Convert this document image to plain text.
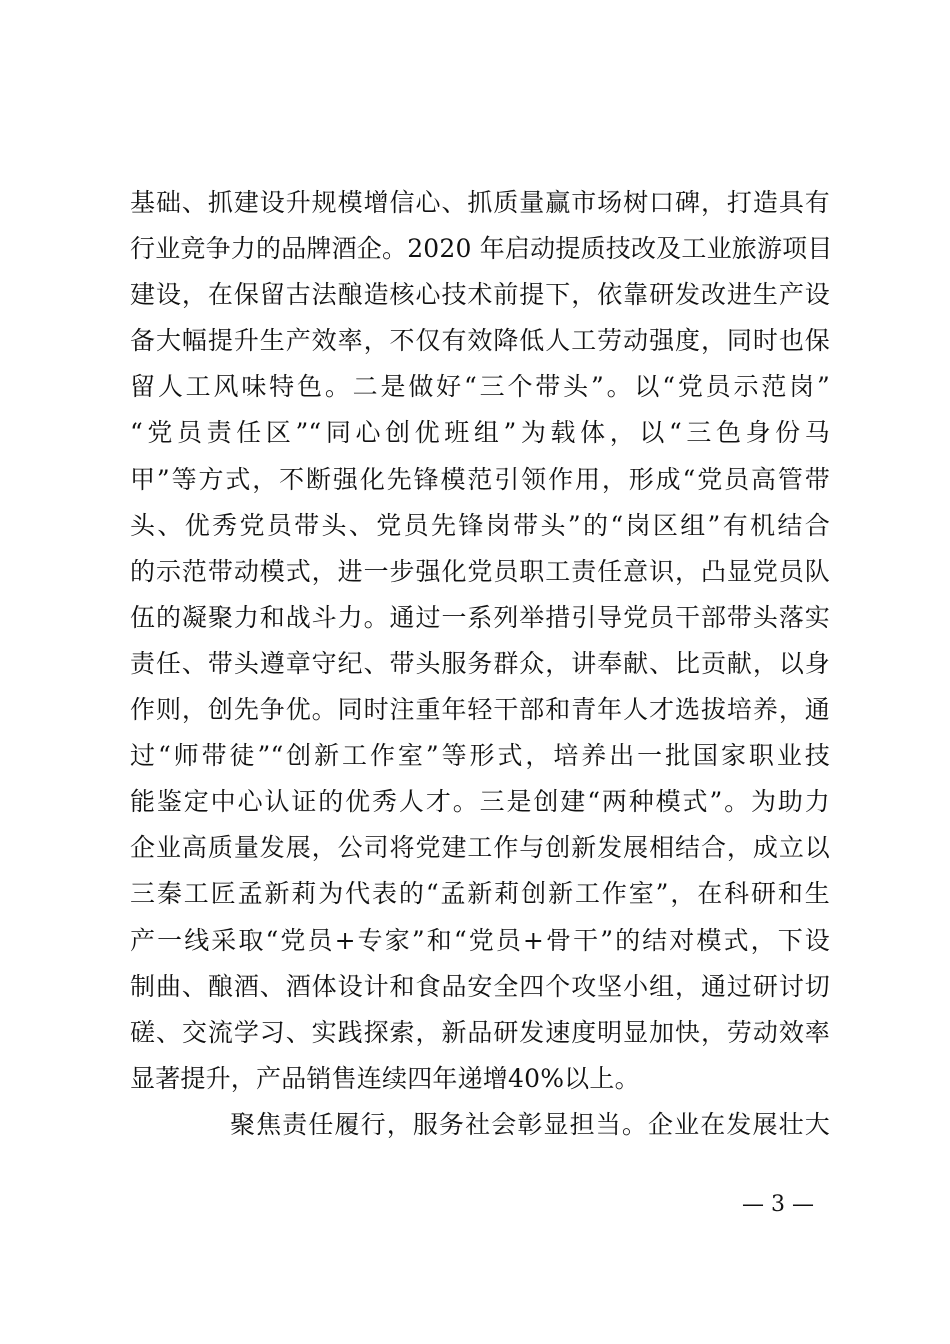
基础、抓建设升规模增信心、抓质量赢市场树口碑，打造具有
行业竞争力的品牌酒企。2020 年启动提质技改及工业旅游项目
建设，在保留古法酿造核心技术前提下，依靠研发改进生产设
备大幅提升生产效率，不仅有效降低人工劳动强度，同时也保
留人工风味特色。二是做好“三个带头”。以“党员示范岗”
“党员责任区”“同心创优班组”为载体，以“三色身份马
甲”等方式，不断强化先锋模范引领作用，形成“党员高管带
头、优秀党员带头、党员先锋岗带头”的“岗区组”有机结合
的示范带动模式，进一步强化党员职工责任意识，凸显党员队
伍的凝聚力和战斗力。通过一系列举措引导党员干部带头落实
责任、带头遵章守纪、带头服务群众，讲奉献、比贡献，以身
作则，创先争优。同时注重年轻干部和青年人才选拔培养，通
过“师带徒”“创新工作室”等形式，培养出一批国家职业技
能鉴定中心认证的优秀人才。三是创建“两种模式”。为助力
企业高质量发展，公司将党建工作与创新发展相结合，成立以
三秦工匠孟新莉为代表的“孟新莉创新工作室”，在科研和生
产一线采取“党员+专家”和“党员+骨干”的结对模式，下设
制曲、酿酒、酒体设计和食品安全四个攻坚小组，通过研讨切
磋、交流学习、实践探索，新品研发速度明显加快，劳动效率
显著提升，产品销售连续四年递增40%以上。
聚焦责任履行，服务社会彰显担当。企业在发展壮大
— 3 —
